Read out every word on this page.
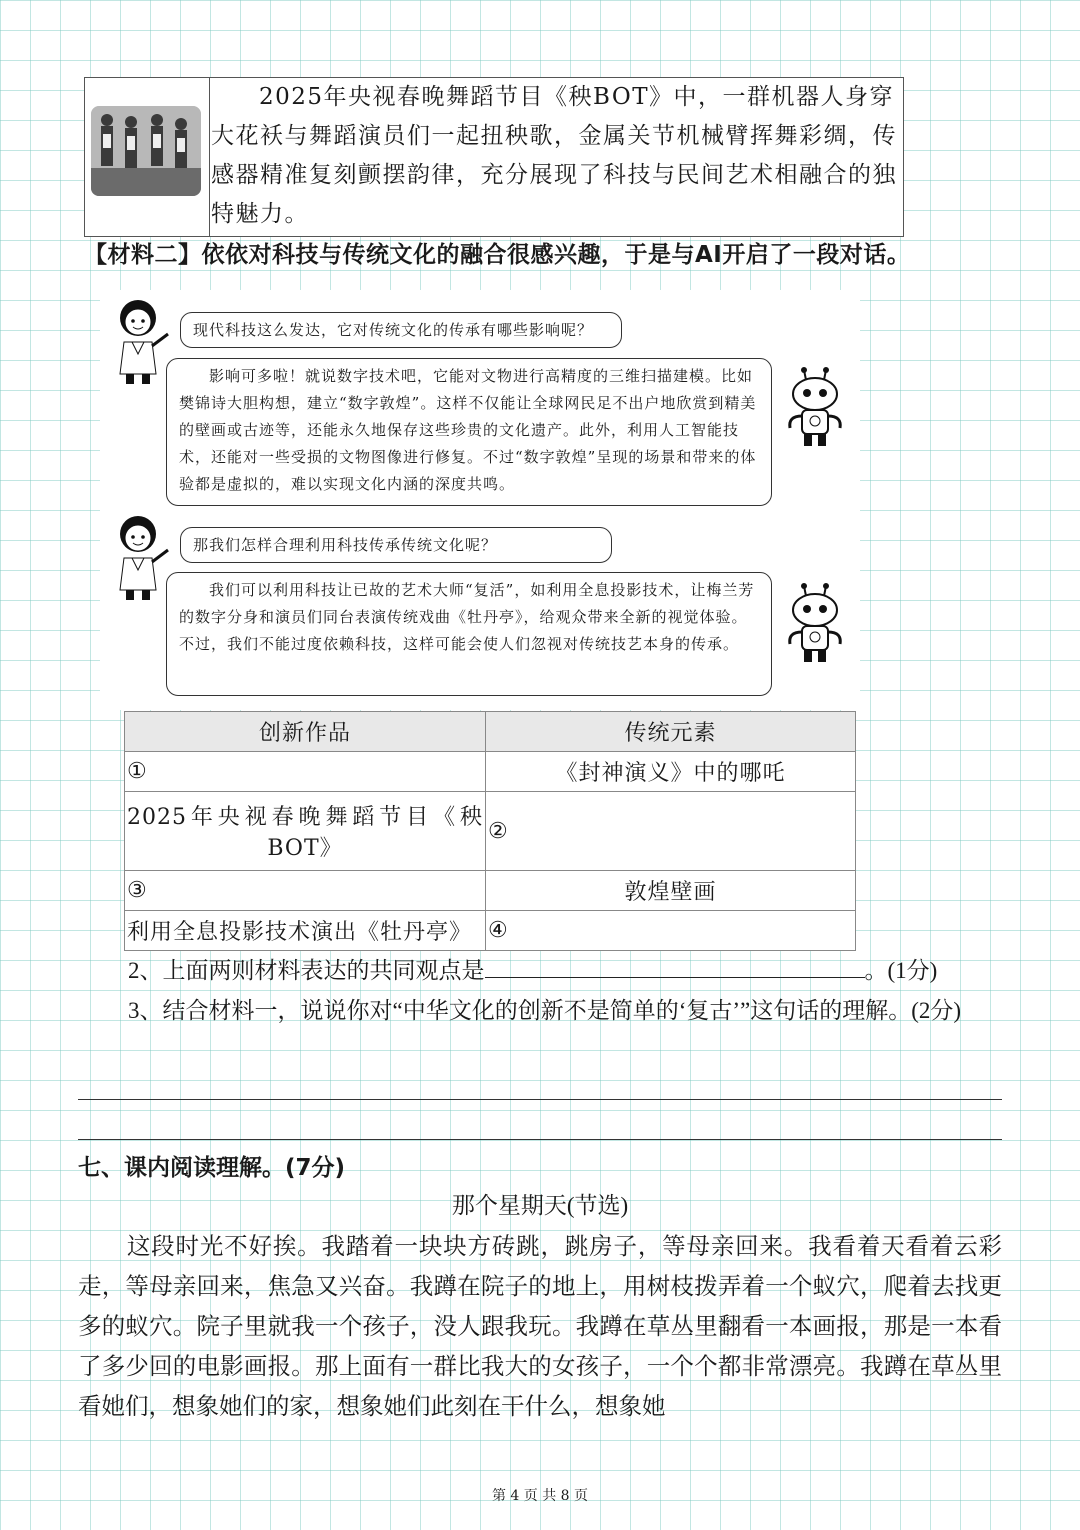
2025年央视春晚舞蹈节目《秧BOT》中，一群机器人身穿大花袄与舞蹈演员们一起扭秧歌，金属关节机械臂挥舞彩绸，传感器精准复刻颤摆韵律，充分展现了科技与民间艺术相融合的独特魅力。
【材料二】依依对科技与传统文化的融合很感兴趣，于是与AI开启了一段对话。
现代科技这么发达，它对传统文化的传承有哪些影响呢？
影响可多啦！就说数字技术吧，它能对文物进行高精度的三维扫描建模。比如樊锦诗大胆构想，建立“数字敦煌”。这样不仅能让全球网民足不出户地欣赏到精美的壁画或古迹等，还能永久地保存这些珍贵的文化遗产。此外，利用人工智能技术，还能对一些受损的文物图像进行修复。不过“数字敦煌”呈现的场景和带来的体验都是虚拟的，难以实现文化内涵的深度共鸣。
那我们怎样合理利用科技传承传统文化呢？
我们可以利用科技让已故的艺术大师“复活”，如利用全息投影技术，让梅兰芳的数字分身和演员们同台表演传统戏曲《牡丹亭》，给观众带来全新的视觉体验。不过，我们不能过度依赖科技，这样可能会使人们忽视对传统技艺本身的传承。
创新作品	传统元素
①	《封神演义》中的哪吒
2025年央视春晚舞蹈节目《秧BOT》	②
③	敦煌壁画
利用全息投影技术演出《牡丹亭》	④
2、上面两则材料表达的共同观点是	。(1分)
3、结合材料一，说说你对“中华文化的创新不是简单的‘复古’”这句话的理解。(2分)
七、课内阅读理解。(7分)
那个星期天(节选)
这段时光不好挨。我踏着一块块方砖跳，跳房子，等母亲回来。我看着天看着云彩走，等母亲回来，焦急又兴奋。我蹲在院子的地上，用树枝拨弄着一个蚁穴，爬着去找更多的蚁穴。院子里就我一个孩子，没人跟我玩。我蹲在草丛里翻看一本画报，那是一本看了多少回的电影画报。那上面有一群比我大的女孩子，一个个都非常漂亮。我蹲在草丛里看她们，想象她们的家，想象她们此刻在干什么，想象她
第 4 页 共 8 页
